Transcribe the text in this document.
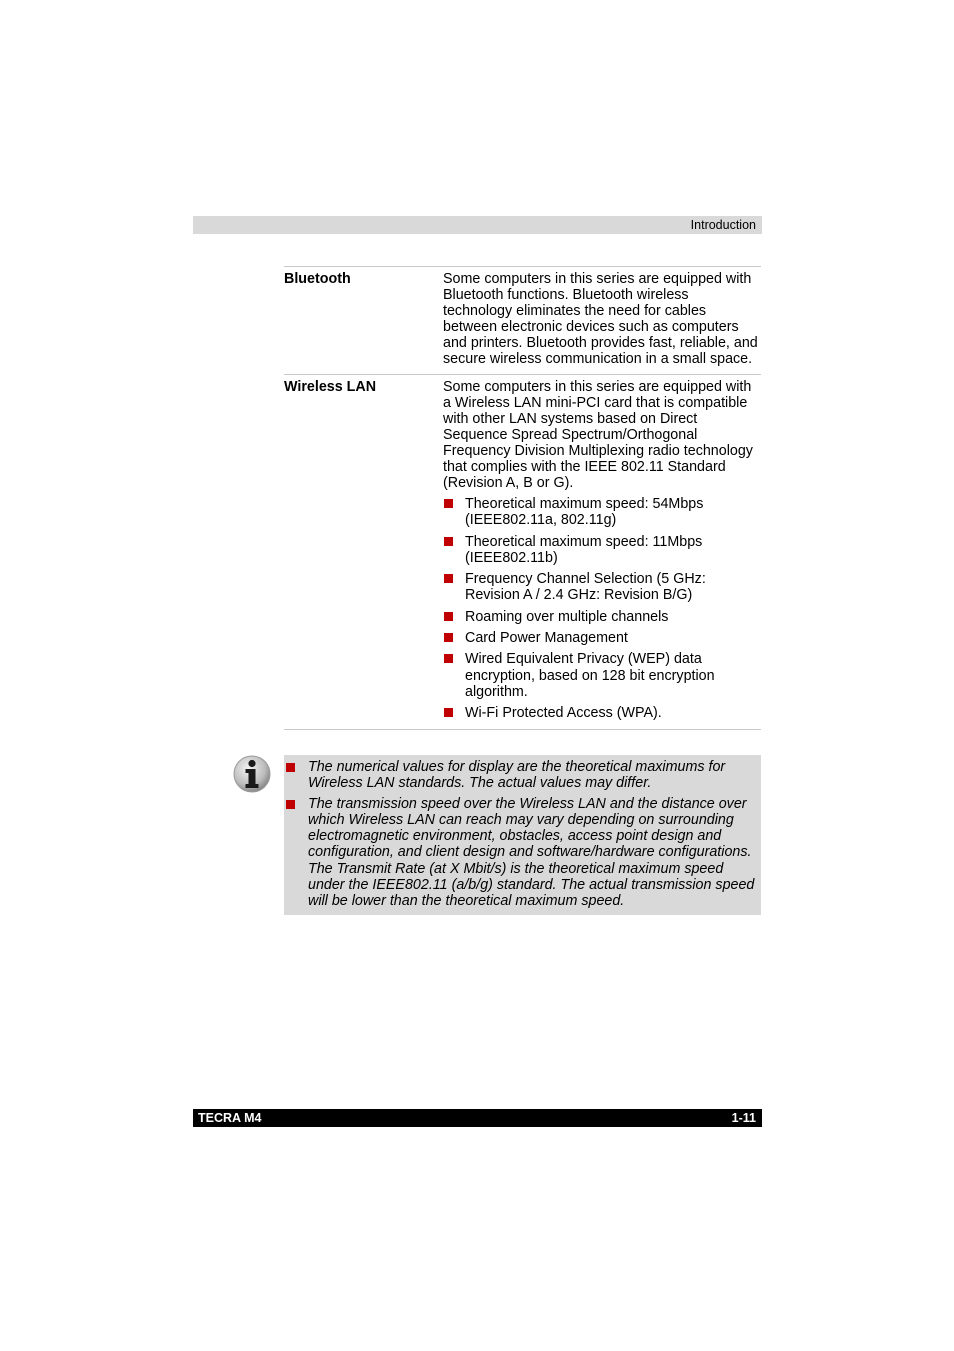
Introduction
Bluetooth	Some computers in this series are equipped with Bluetooth functions. Bluetooth wireless technology eliminates the need for cables between electronic devices such as computers and printers. Bluetooth provides fast, reliable, and secure wireless communication in a small space.
Wireless LAN	Some computers in this series are equipped with a Wireless LAN mini-PCI card that is compatible with other LAN systems based on Direct Sequence Spread Spectrum/Orthogonal Frequency Division Multiplexing radio technology that complies with the IEEE 802.11 Standard (Revision A, B or G).
Theoretical maximum speed: 54Mbps (IEEE802.11a, 802.11g)
Theoretical maximum speed: 11Mbps (IEEE802.11b)
Frequency Channel Selection (5 GHz: Revision A / 2.4 GHz: Revision B/G)
Roaming over multiple channels
Card Power Management
Wired Equivalent Privacy (WEP) data encryption, based on 128 bit encryption algorithm.
Wi-Fi Protected Access (WPA).
The numerical values for display are the theoretical maximums for Wireless LAN standards. The actual values may differ.
The transmission speed over the Wireless LAN and the distance over which Wireless LAN can reach may vary depending on surrounding electromagnetic environment, obstacles, access point design and configuration, and client design and software/hardware configurations. The Transmit Rate (at X Mbit/s) is the theoretical maximum speed under the IEEE802.11 (a/b/g) standard. The actual transmission speed will be lower than the theoretical maximum speed.
TECRA M4	1-11
